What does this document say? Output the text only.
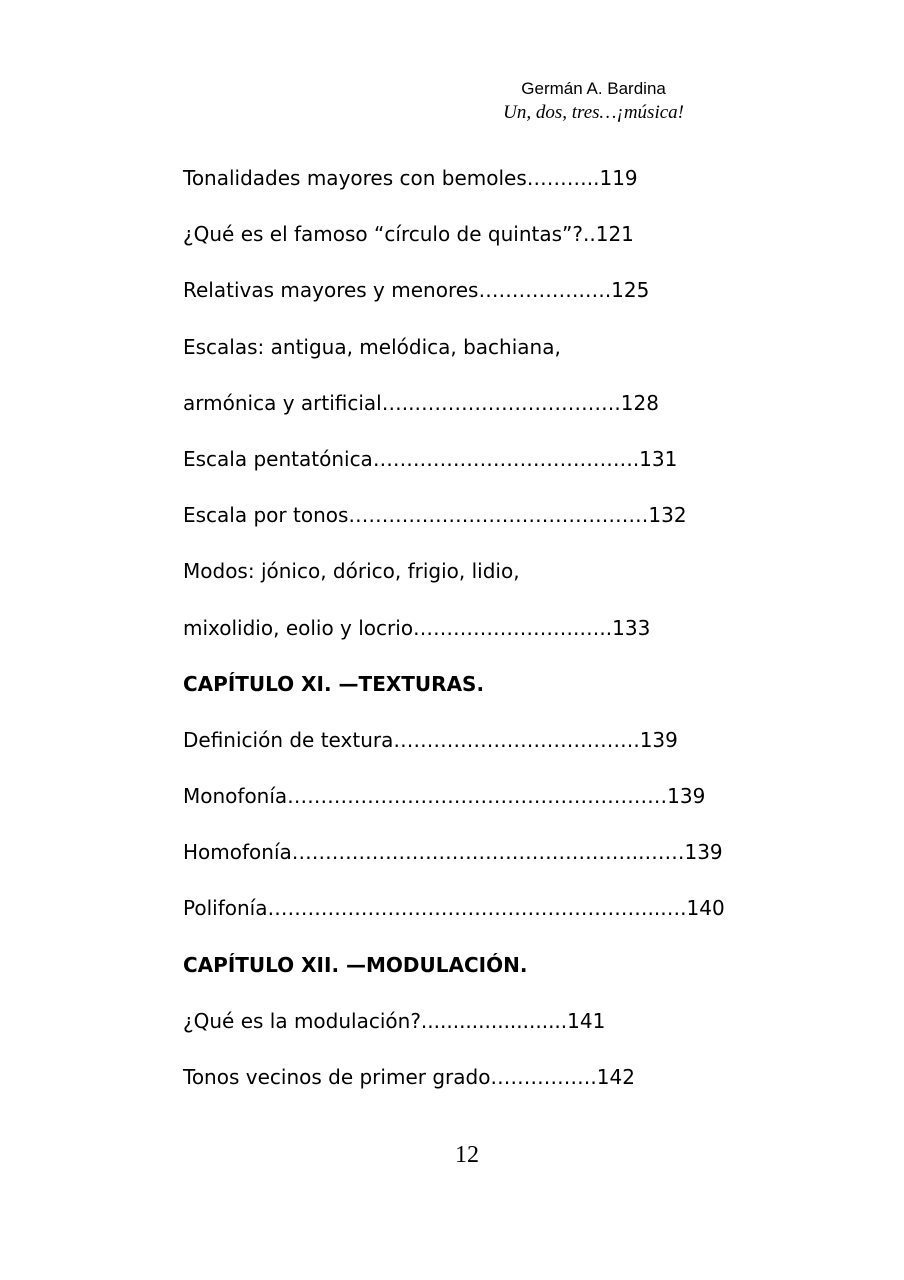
Germán A. Bardina
Un, dos, tres…¡música!
Tonalidades mayores con bemoles………..119
¿Qué es el famoso “círculo de quintas”?..121
Relativas mayores y menores…………….….125
Escalas: antigua, melódica, bachiana,
armónica y artificial…..………………………….128
Escala pentatónica………………………………….131
Escala por tonos………………………………………132
Modos: jónico, dórico, frigio, lidio,
mixolidio, eolio y locrio…………………….…..133
CAPÍTULO XI. —TEXTURAS.
Definición de textura……………………………….139
Monofonía…………………………………………………139
Homofonía……………………………………………..……139
Polifonía…………………………………………………..….140
CAPÍTULO XII. —MODULACIÓN.
¿Qué es la modulación?.......................141
Tonos vecinos de primer grado…………….142
12
